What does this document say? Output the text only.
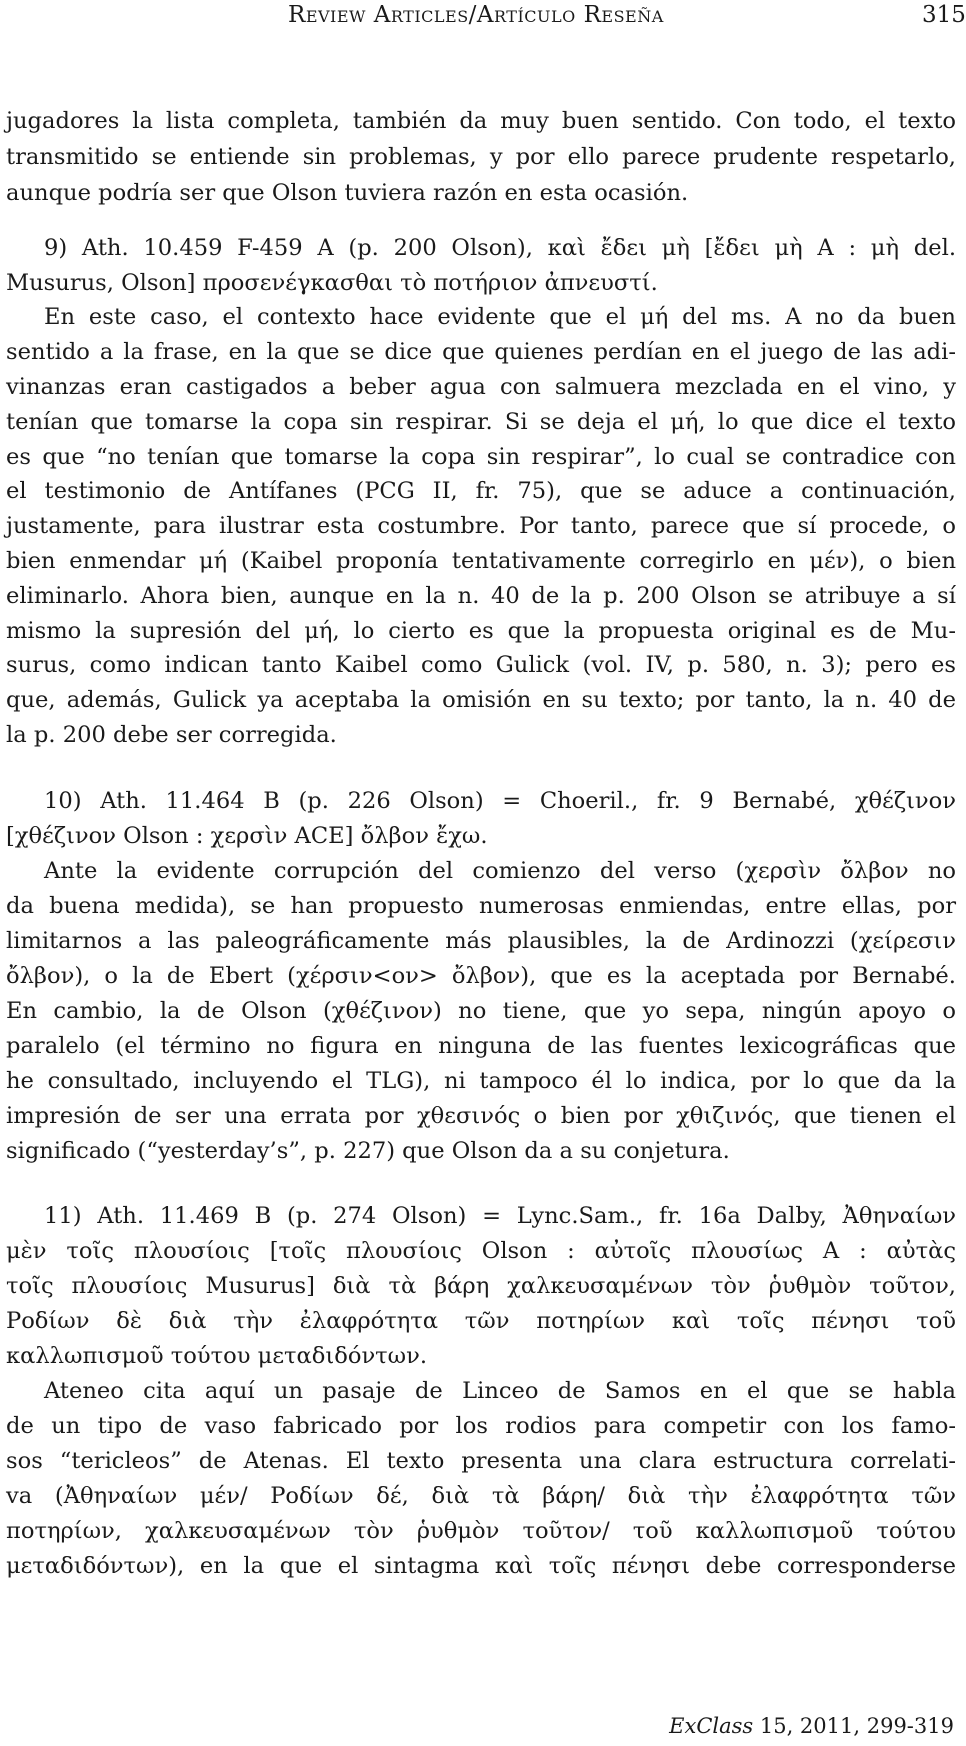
Review Articles/Artículo Reseña	315
jugadores la lista completa, también da muy buen sentido. Con todo, el texto
transmitido se entiende sin problemas, y por ello parece prudente respetarlo,
aunque podría ser que Olson tuviera razón en esta ocasión.
9) Ath. 10.459 F-459 A (p. 200 Olson), καὶ ἔδει μὴ [ἔδει μὴ A : μὴ del.
Musurus, Olson] προσενέγκασθαι τὸ ποτήριον ἀπνευστί.
En este caso, el contexto hace evidente que el μή del ms. A no da buen
sentido a la frase, en la que se dice que quienes perdían en el juego de las adi-
vinanzas eran castigados a beber agua con salmuera mezclada en el vino, y
tenían que tomarse la copa sin respirar. Si se deja el μή, lo que dice el texto
es que “no tenían que tomarse la copa sin respirar”, lo cual se contradice con
el testimonio de Antífanes (PCG II, fr. 75), que se aduce a continuación,
justamente, para ilustrar esta costumbre. Por tanto, parece que sí procede, o
bien enmendar μή (Kaibel proponía tentativamente corregirlo en μέν), o bien
eliminarlo. Ahora bien, aunque en la n. 40 de la p. 200 Olson se atribuye a sí
mismo la supresión del μή, lo cierto es que la propuesta original es de Mu-
surus, como indican tanto Kaibel como Gulick (vol. IV, p. 580, n. 3); pero es
que, además, Gulick ya aceptaba la omisión en su texto; por tanto, la n. 40 de
la p. 200 debe ser corregida.
10) Ath. 11.464 B (p. 226 Olson) = Choeril., fr. 9 Bernabé, χθέζινον
[χθέζινον Olson : χερσὶν ACE] ὄλβον ἔχω.
Ante la evidente corrupción del comienzo del verso (χερσὶν ὄλβον no
da buena medida), se han propuesto numerosas enmiendas, entre ellas, por
limitarnos a las paleográficamente más plausibles, la de Ardinozzi (χείρεσιν
ὄλβον), o la de Ebert (χέρσιν<ον> ὄλβον), que es la aceptada por Bernabé.
En cambio, la de Olson (χθέζινον) no tiene, que yo sepa, ningún apoyo o
paralelo (el término no figura en ninguna de las fuentes lexicográficas que
he consultado, incluyendo el TLG), ni tampoco él lo indica, por lo que da la
impresión de ser una errata por χθεσινός o bien por χθιζινός, que tienen el
significado (“yesterday’s”, p. 227) que Olson da a su conjetura.
11) Ath. 11.469 B (p. 274 Olson) = Lync.Sam., fr. 16a Dalby, Ἀθηναίων
μὲν τοῖς πλουσίοις [τοῖς πλουσίοις Olson : αὐτοῖς πλουσίως A : αὐτὰς
τοῖς πλουσίοις Musurus] διὰ τὰ βάρη χαλκευσαμένων τὸν ῥυθμὸν τοῦτον,
Ροδίων δὲ διὰ τὴν ἐλαφρότητα τῶν ποτηρίων καὶ τοῖς πένησι τοῦ
καλλωπισμοῦ τούτου μεταδιδόντων.
Ateneo cita aquí un pasaje de Linceo de Samos en el que se habla
de un tipo de vaso fabricado por los rodios para competir con los famo-
sos “tericleos” de Atenas. El texto presenta una clara estructura correlati-
va (Ἀθηναίων μέν/ Ροδίων δέ, διὰ τὰ βάρη/ διὰ τὴν ἐλαφρότητα τῶν
ποτηρίων, χαλκευσαμένων τὸν ῥυθμὸν τοῦτον/ τοῦ καλλωπισμοῦ τούτου
μεταδιδόντων), en la que el sintagma καὶ τοῖς πένησι debe corresponderse
ExClass 15, 2011, 299-319
